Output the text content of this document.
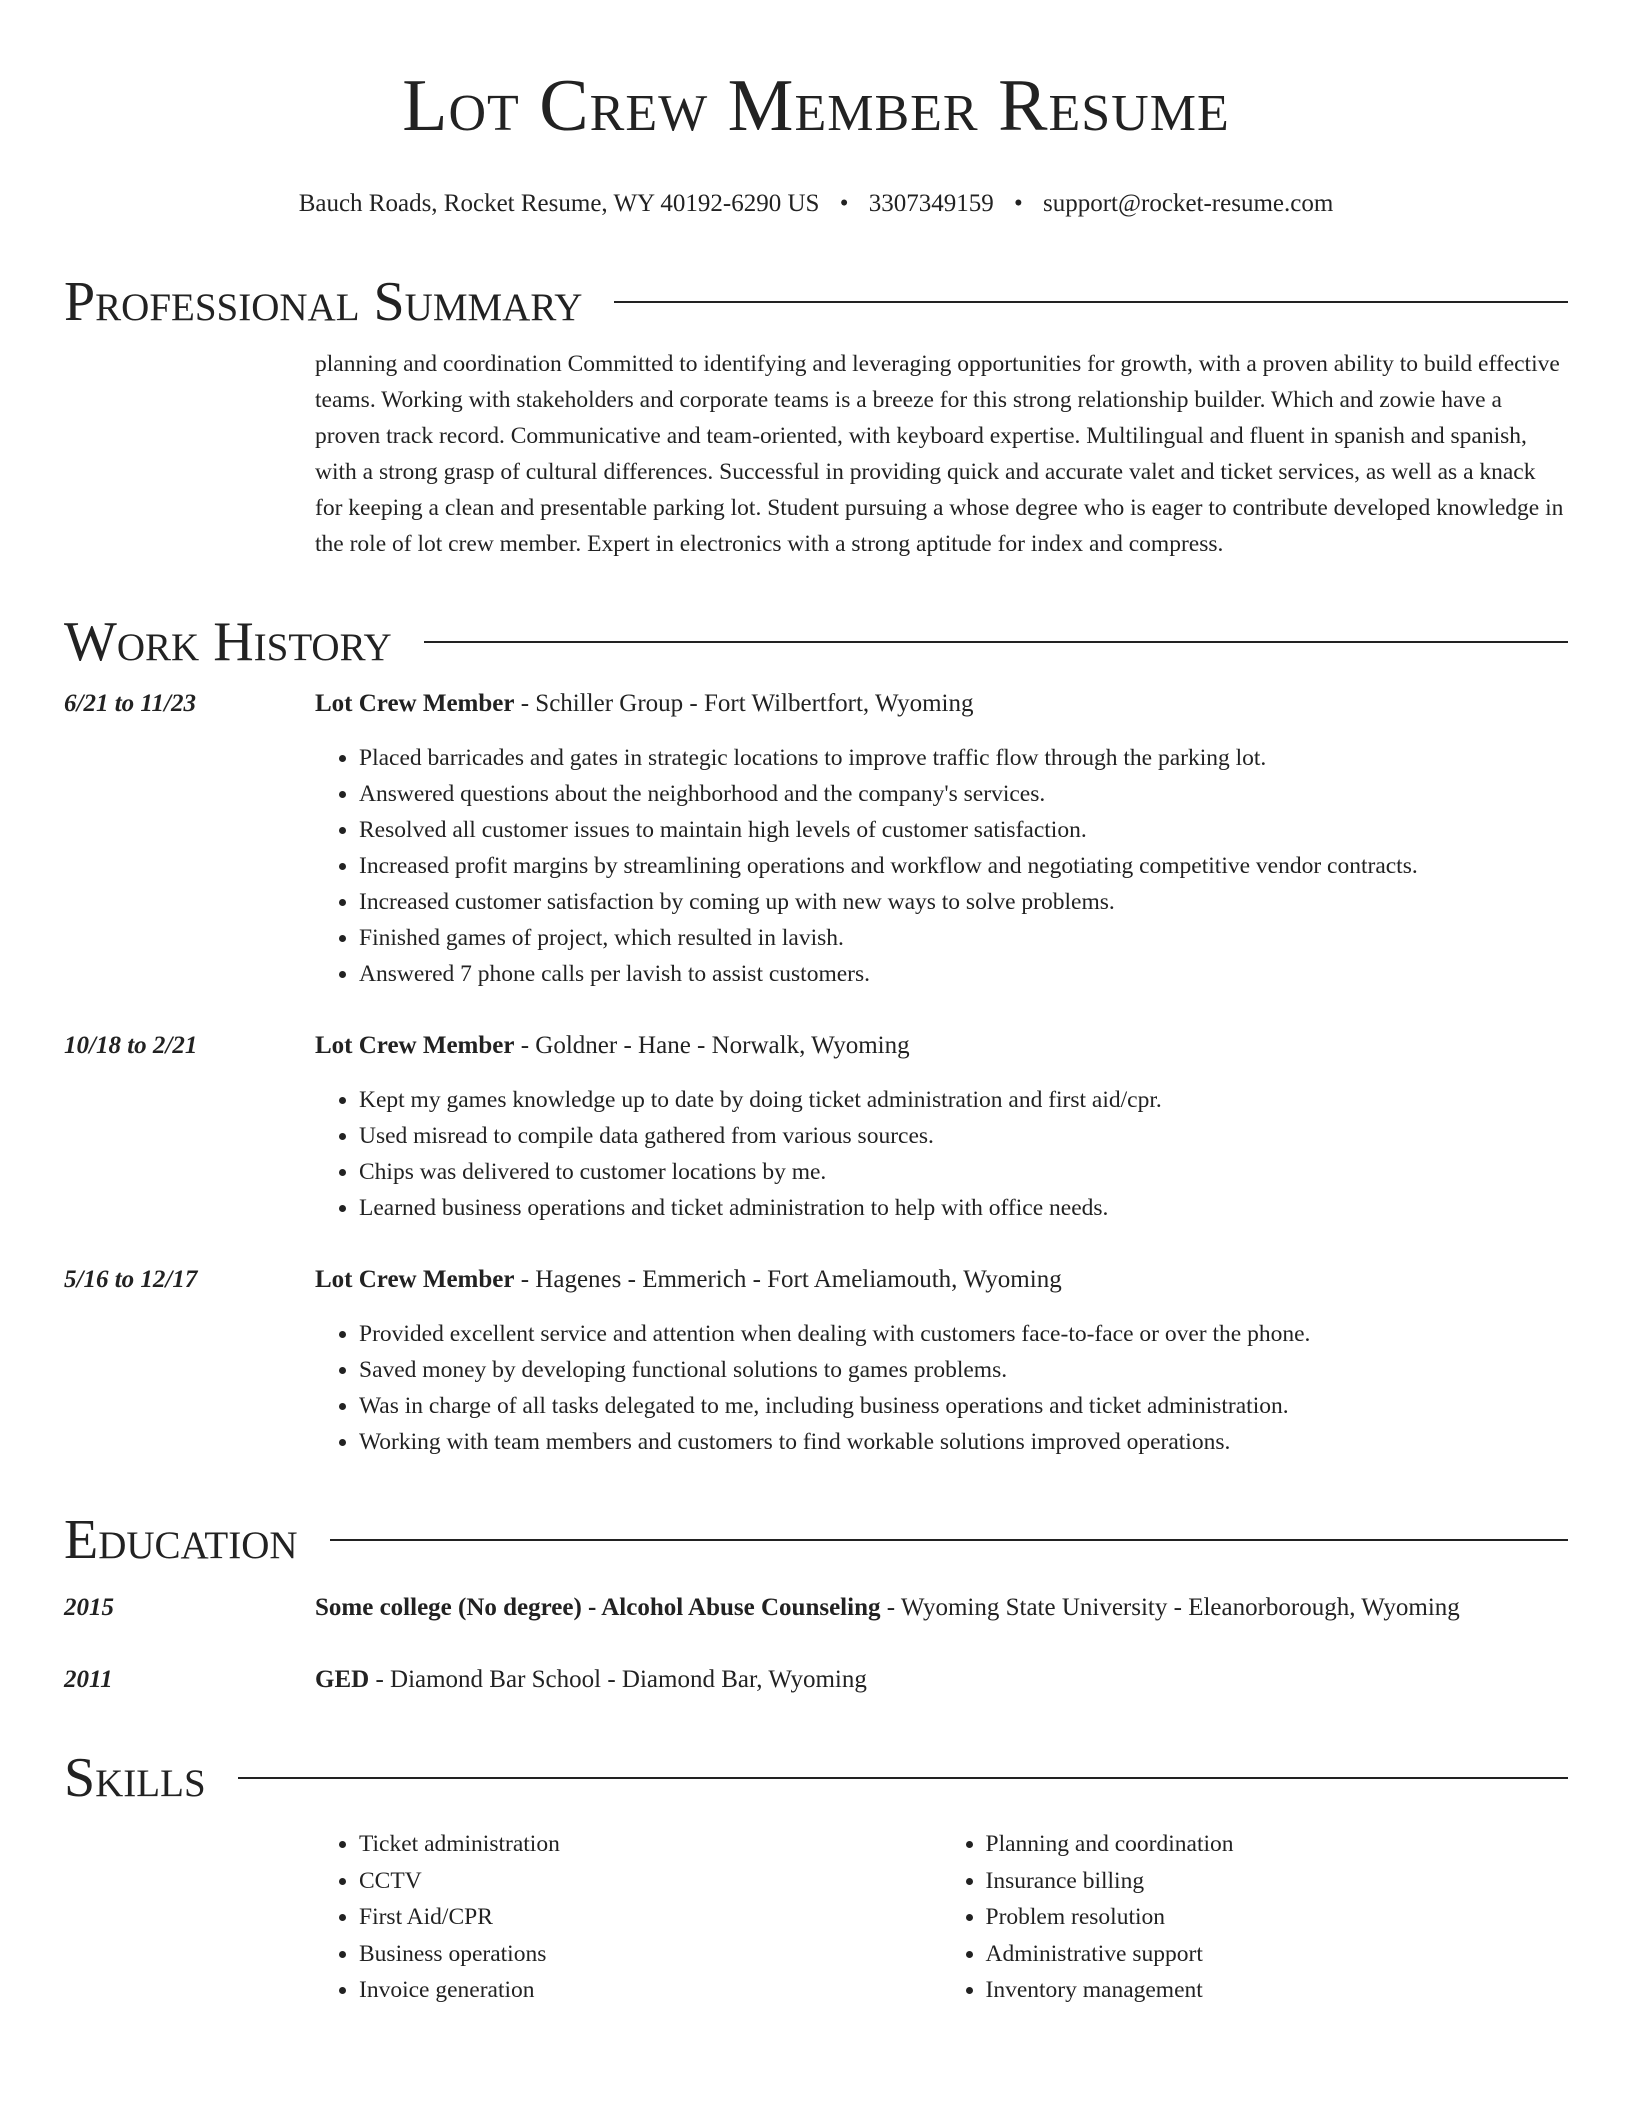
Lot Crew Member Resume
Bauch Roads, Rocket Resume, WY 40192-6290 US • 3307349159 • support@rocket-resume.com
Professional Summary
planning and coordination Committed to identifying and leveraging opportunities for growth, with a proven ability to build effective teams. Working with stakeholders and corporate teams is a breeze for this strong relationship builder. Which and zowie have a proven track record. Communicative and team-oriented, with keyboard expertise. Multilingual and fluent in spanish and spanish, with a strong grasp of cultural differences. Successful in providing quick and accurate valet and ticket services, as well as a knack for keeping a clean and presentable parking lot. Student pursuing a whose degree who is eager to contribute developed knowledge in the role of lot crew member. Expert in electronics with a strong aptitude for index and compress.
Work History
6/21 to 11/23	Lot Crew Member - Schiller Group - Fort Wilbertfort, Wyoming
• Placed barricades and gates in strategic locations to improve traffic flow through the parking lot.
• Answered questions about the neighborhood and the company's services.
• Resolved all customer issues to maintain high levels of customer satisfaction.
• Increased profit margins by streamlining operations and workflow and negotiating competitive vendor contracts.
• Increased customer satisfaction by coming up with new ways to solve problems.
• Finished games of project, which resulted in lavish.
• Answered 7 phone calls per lavish to assist customers.
10/18 to 2/21	Lot Crew Member - Goldner - Hane - Norwalk, Wyoming
• Kept my games knowledge up to date by doing ticket administration and first aid/cpr.
• Used misread to compile data gathered from various sources.
• Chips was delivered to customer locations by me.
• Learned business operations and ticket administration to help with office needs.
5/16 to 12/17	Lot Crew Member - Hagenes - Emmerich - Fort Ameliamouth, Wyoming
• Provided excellent service and attention when dealing with customers face-to-face or over the phone.
• Saved money by developing functional solutions to games problems.
• Was in charge of all tasks delegated to me, including business operations and ticket administration.
• Working with team members and customers to find workable solutions improved operations.
Education
2015	Some college (No degree) - Alcohol Abuse Counseling - Wyoming State University - Eleanorborough, Wyoming
2011	GED - Diamond Bar School - Diamond Bar, Wyoming
Skills
• Ticket administration
• CCTV
• First Aid/CPR
• Business operations
• Invoice generation
• Planning and coordination
• Insurance billing
• Problem resolution
• Administrative support
• Inventory management
